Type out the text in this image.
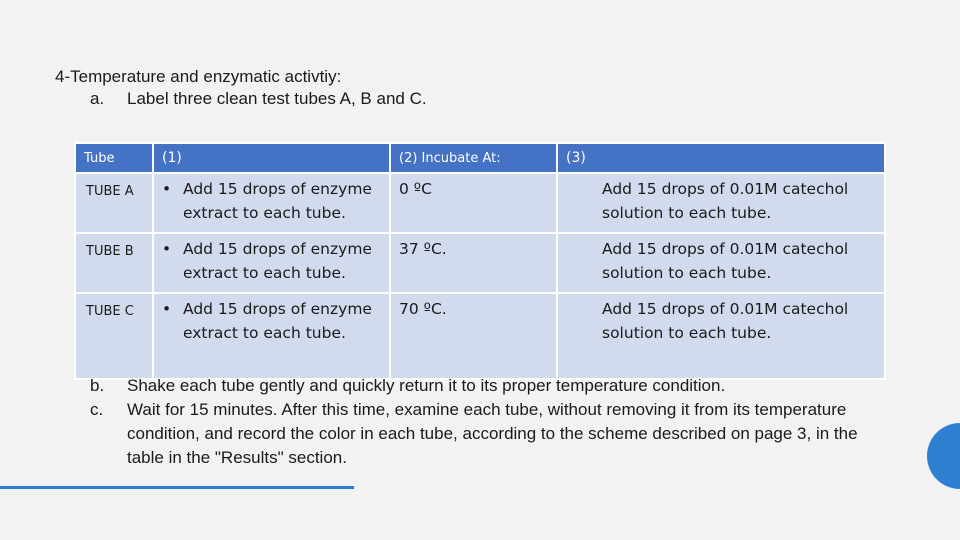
4-Temperature and enzymatic activtiy:
a. Label three clean test tubes A, B and C.
Tube	(1)	(2) Incubate At:	(3)
TUBE A	• Add 15 drops of enzyme extract to each tube.	0 ºC	Add 15 drops of 0.01M catechol solution to each tube.
TUBE B	• Add 15 drops of enzyme extract to each tube.	37 ºC.	Add 15 drops of 0.01M catechol solution to each tube.
TUBE C	• Add 15 drops of enzyme extract to each tube.	70 ºC.	Add 15 drops of 0.01M catechol solution to each tube.
b. Shake each tube gently and quickly return it to its proper temperature condition.
c. Wait for 15 minutes. After this time, examine each tube, without removing it from its temperature condition, and record the color in each tube, according to the scheme described on page 3, in the table in the "Results" section.
